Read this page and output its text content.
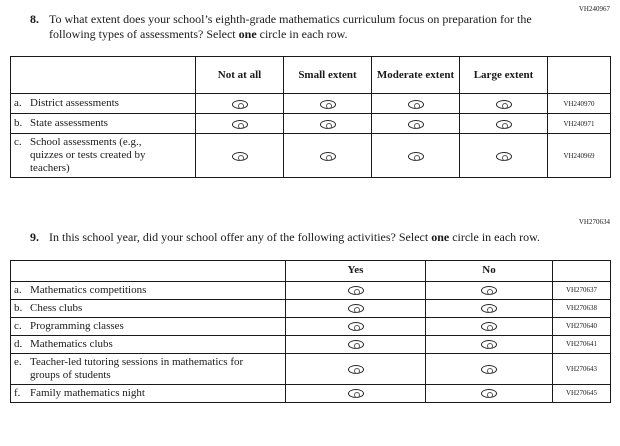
VH240967
8. To what extent does your school’s eighth-grade mathematics curriculum focus on preparation for the following types of assessments? Select one circle in each row.
	Not at all	Small extent	Moderate extent	Large extent	

a. District assessments					VH240970

b. State assessments					VH240971

c. School assessments (e.g., quizzes or tests created by teachers)					VH240969
VH270634
9. In this school year, did your school offer any of the following activities? Select one circle in each row.
	Yes	No	

a. Mathematics competitions			VH270637

b. Chess clubs			VH270638

c. Programming classes			VH270640

d. Mathematics clubs			VH270641

e. Teacher-led tutoring sessions in mathematics for groups of students			VH270643

f. Family mathematics night			VH270645
